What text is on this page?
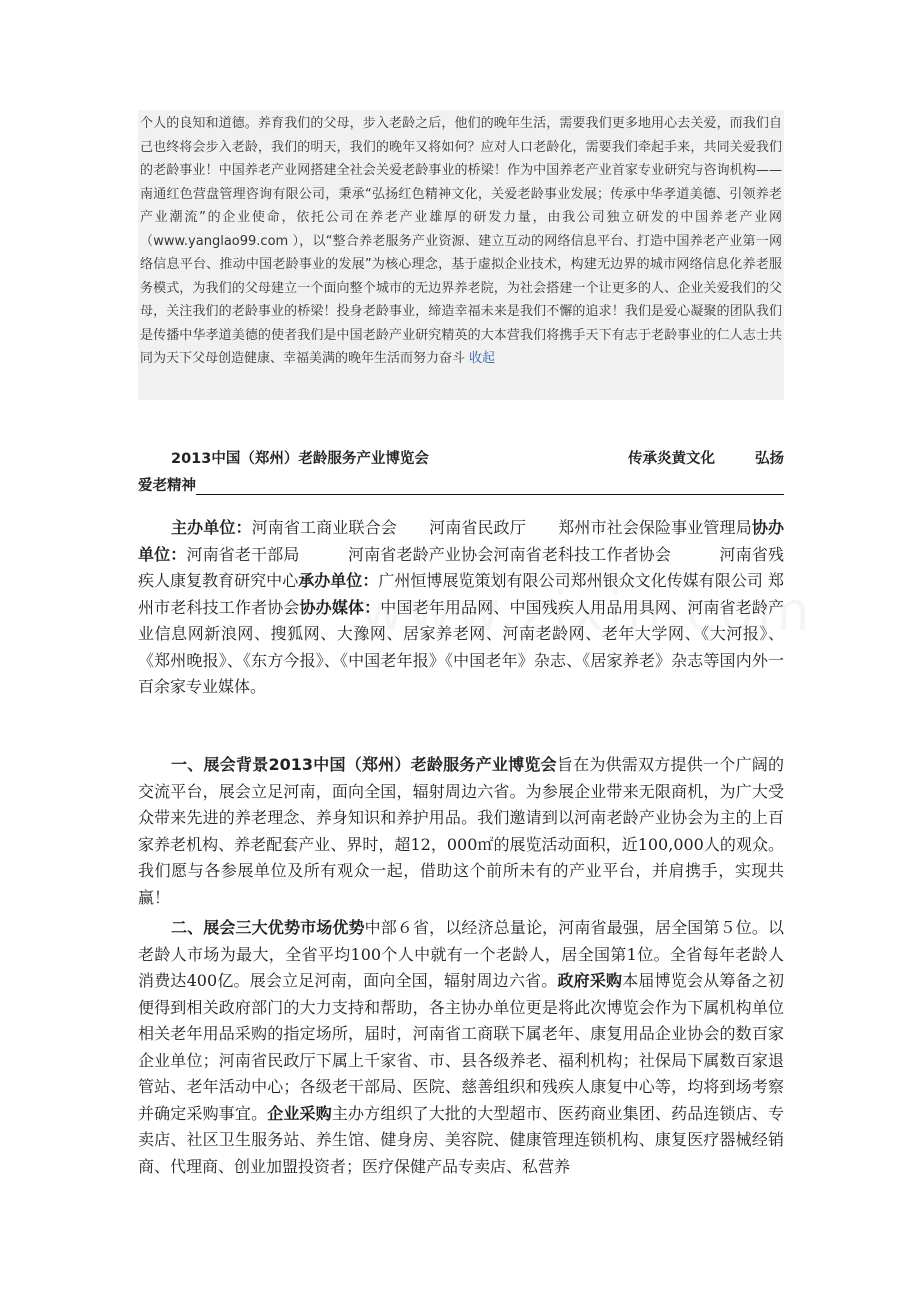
个人的良知和道德。养育我们的父母，步入老龄之后，他们的晚年生活，需要我们更多地用心去关爱，而我们自己也终将会步入老龄，我们的明天，我们的晚年又将如何？应对人口老龄化，需要我们牵起手来，共同关爱我们的老龄事业！中国养老产业网搭建全社会关爱老龄事业的桥梁！作为中国养老产业首家专业研究与咨询机构——南通红色营盘管理咨询有限公司，秉承“弘扬红色精神文化，关爱老龄事业发展；传承中华孝道美德、引领养老产业潮流”的企业使命，依托公司在养老产业雄厚的研发力量，由我公司独立研发的中国养老产业网（www.yanglao99.com ），以“整合养老服务产业资源、建立互动的网络信息平台、打造中国养老产业第一网络信息平台、推动中国老龄事业的发展”为核心理念，基于虚拟企业技术，构建无边界的城市网络信息化养老服务模式，为我们的父母建立一个面向整个城市的无边界养老院，为社会搭建一个让更多的人、企业关爱我们的父母，关注我们的老龄事业的桥梁！投身老龄事业，缔造幸福未来是我们不懈的追求！我们是爱心凝聚的团队我们是传播中华孝道美德的使者我们是中国老龄产业研究精英的大本营我们将携手天下有志于老龄事业的仁人志士共同为天下父母创造健康、幸福美满的晚年生活而努力奋斗 收起
2013中国（郑州）老龄服务产业博览会	传承炎黄文化	弘扬
爱老精神
主办单位：河南省工商业联合会　　河南省民政厅　　郑州市社会保险事业管理局协办单位：河南省老干部局　　　河南省老龄产业协会河南省老科技工作者协会　　　河南省残疾人康复教育研究中心承办单位：广州恒博展览策划有限公司郑州银众文化传媒有限公司 郑州市老科技工作者协会协办媒体：中国老年用品网、中国残疾人用品用具网、河南省老龄产业信息网新浪网、搜狐网、大豫网、居家养老网、河南老龄网、老年大学网、《大河报》、《郑州晚报》、《东方今报》、《中国老年报》《中国老年》杂志、《居家养老》杂志等国内外一百余家专业媒体。
一、展会背景2013中国（郑州）老龄服务产业博览会旨在为供需双方提供一个广阔的交流平台，展会立足河南，面向全国，辐射周边六省。为参展企业带来无限商机，为广大受众带来先进的养老理念、养身知识和养护用品。我们邀请到以河南老龄产业协会为主的上百家养老机构、养老配套产业、界时，超12，000㎡的展览活动面积，近100,000人的观众。我们愿与各参展单位及所有观众一起，借助这个前所未有的产业平台，并肩携手，实现共赢！
二、展会三大优势市场优势中部６省，以经济总量论，河南省最强，居全国第５位。以老龄人市场为最大，全省平均100个人中就有一个老龄人，居全国第1位。全省每年老龄人消费达400亿。展会立足河南，面向全国，辐射周边六省。政府采购本届博览会从筹备之初便得到相关政府部门的大力支持和帮助，各主协办单位更是将此次博览会作为下属机构单位相关老年用品采购的指定场所，届时，河南省工商联下属老年、康复用品企业协会的数百家企业单位；河南省民政厅下属上千家省、市、县各级养老、福利机构；社保局下属数百家退管站、老年活动中心；各级老干部局、医院、慈善组织和残疾人康复中心等，均将到场考察并确定采购事宜。企业采购主办方组织了大批的大型超市、医药商业集团、药品连锁店、专卖店、社区卫生服务站、养生馆、健身房、美容院、健康管理连锁机构、康复医疗器械经销商、代理商、创业加盟投资者；医疗保健产品专卖店、私营养
